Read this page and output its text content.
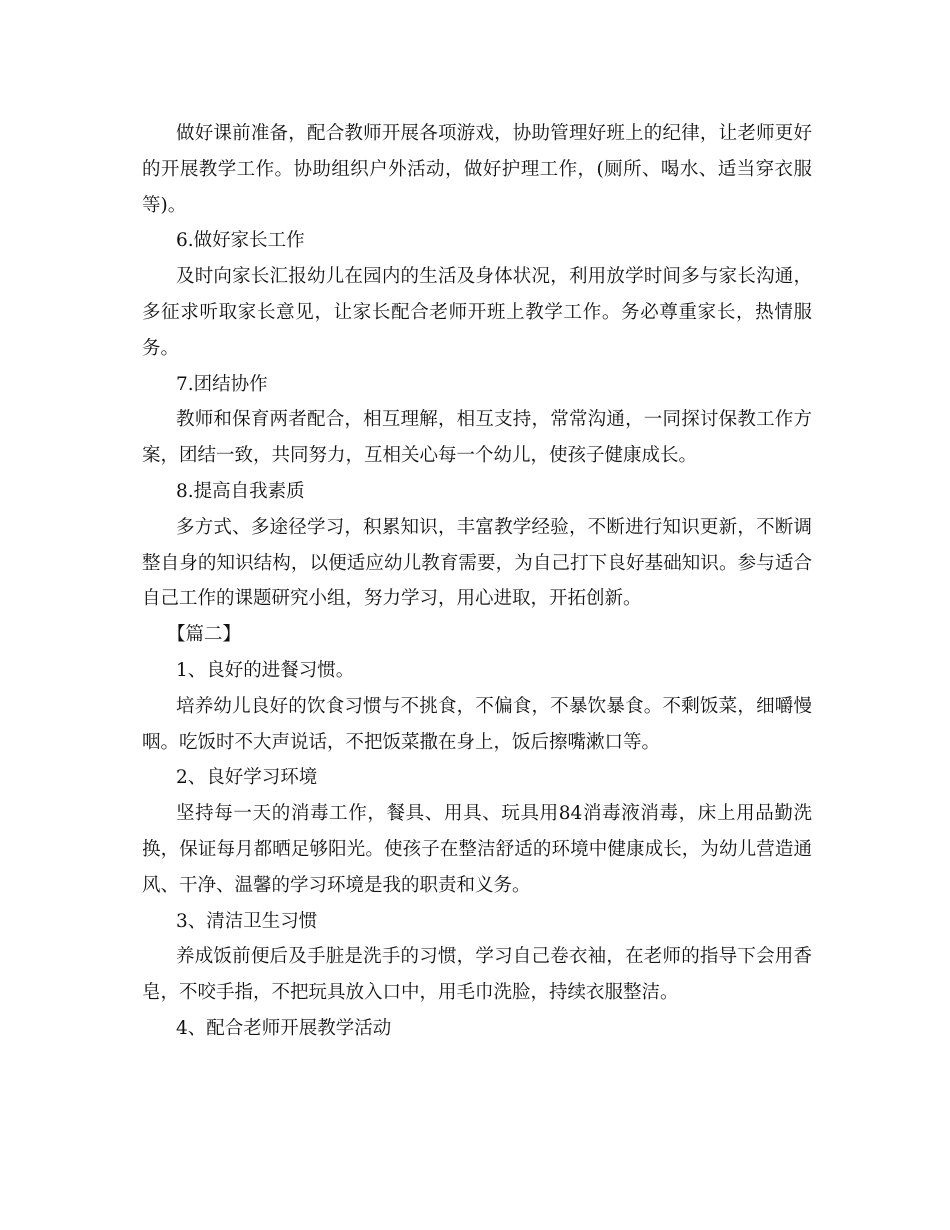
做好课前准备，配合教师开展各项游戏，协助管理好班上的纪律，让老师更好的开展教学工作。协助组织户外活动，做好护理工作，(厕所、喝水、适当穿衣服等)。

6.做好家长工作

及时向家长汇报幼儿在园内的生活及身体状况，利用放学时间多与家长沟通，多征求听取家长意见，让家长配合老师开班上教学工作。务必尊重家长，热情服务。

7.团结协作

教师和保育两者配合，相互理解，相互支持，常常沟通，一同探讨保教工作方案，团结一致，共同努力，互相关心每一个幼儿，使孩子健康成长。

8.提高自我素质

多方式、多途径学习，积累知识，丰富教学经验，不断进行知识更新，不断调整自身的知识结构，以便适应幼儿教育需要，为自己打下良好基础知识。参与适合自己工作的课题研究小组，努力学习，用心进取，开拓创新。

【篇二】

1、良好的进餐习惯。

培养幼儿良好的饮食习惯与不挑食，不偏食，不暴饮暴食。不剩饭菜，细嚼慢咽。吃饭时不大声说话，不把饭菜撒在身上，饭后擦嘴漱口等。

2、良好学习环境

坚持每一天的消毒工作，餐具、用具、玩具用84消毒液消毒，床上用品勤洗换，保证每月都晒足够阳光。使孩子在整洁舒适的环境中健康成长，为幼儿营造通风、干净、温馨的学习环境是我的职责和义务。

3、清洁卫生习惯

养成饭前便后及手脏是洗手的习惯，学习自己卷衣袖，在老师的指导下会用香皂，不咬手指，不把玩具放入口中，用毛巾洗脸，持续衣服整洁。

4、配合老师开展教学活动
